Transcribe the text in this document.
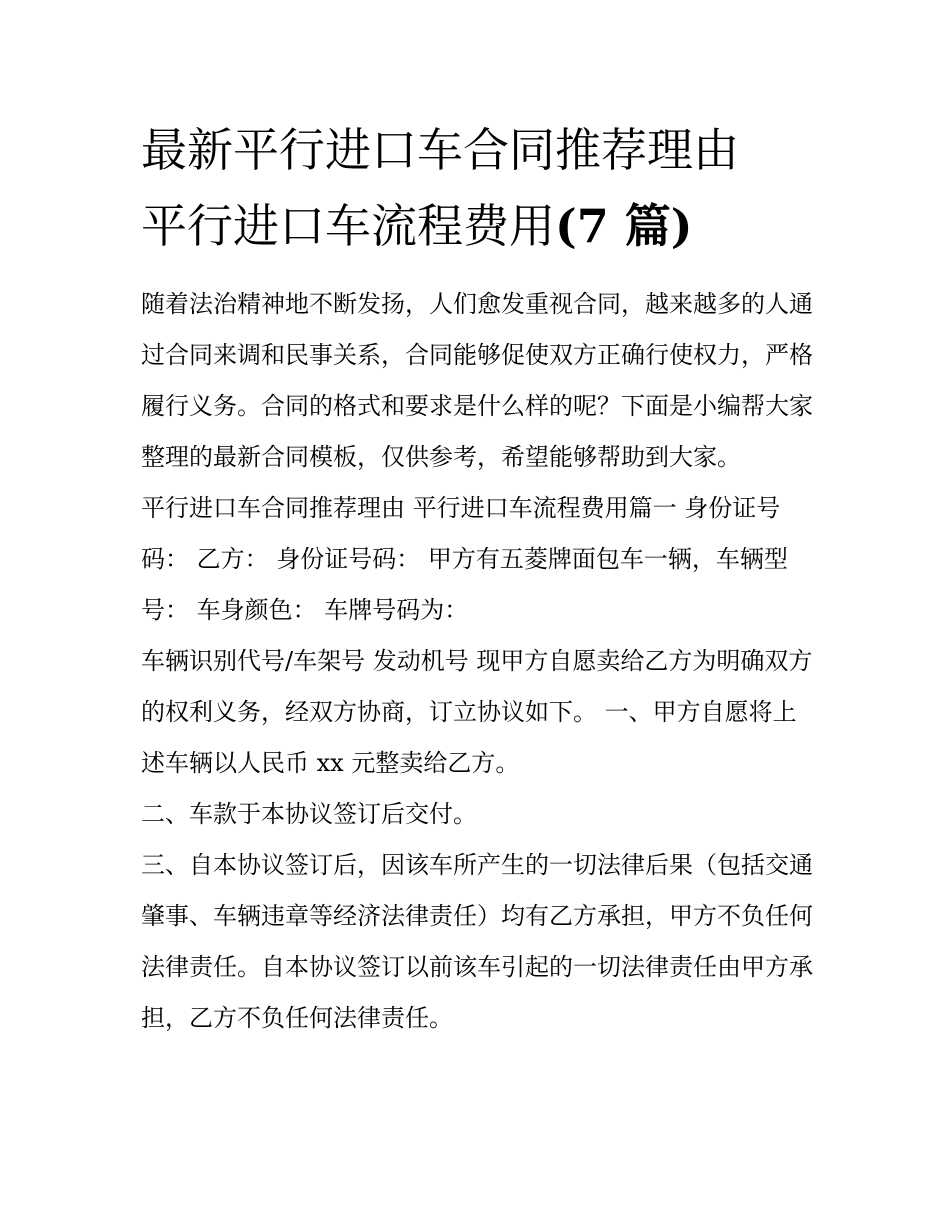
最新平行进口车合同推荐理由
平行进口车流程费用(7 篇)

随着法治精神地不断发扬，人们愈发重视合同，越来越多的人通过合同来调和民事关系，合同能够促使双方正确行使权力，严格履行义务。合同的格式和要求是什么样的呢？下面是小编帮大家整理的最新合同模板，仅供参考，希望能够帮助到大家。

平行进口车合同推荐理由 平行进口车流程费用篇一 身份证号码： 乙方： 身份证号码： 甲方有五菱牌面包车一辆，车辆型号： 车身颜色： 车牌号码为：

车辆识别代号/车架号 发动机号 现甲方自愿卖给乙方为明确双方的权利义务，经双方协商，订立协议如下。 一、甲方自愿将上述车辆以人民币 xx 元整卖给乙方。

二、车款于本协议签订后交付。

三、自本协议签订后，因该车所产生的一切法律后果（包括交通肇事、车辆违章等经济法律责任）均有乙方承担，甲方不负任何法律责任。自本协议签订以前该车引起的一切法律责任由甲方承担，乙方不负任何法律责任。
